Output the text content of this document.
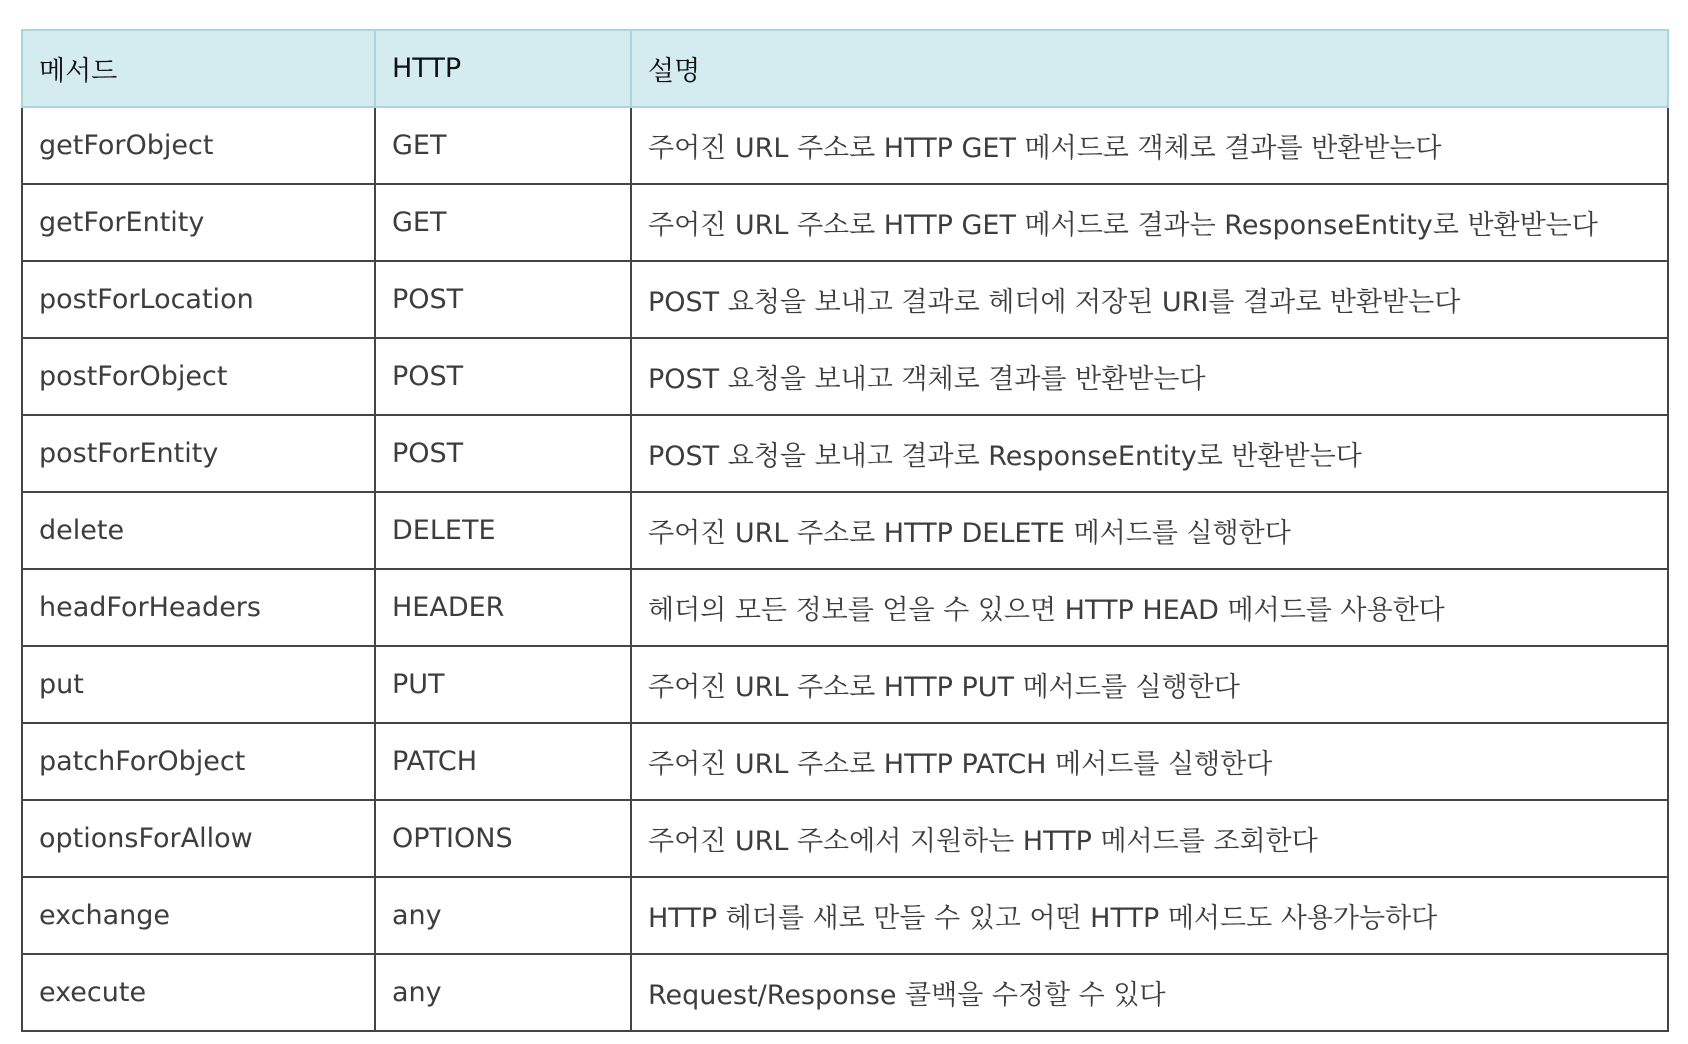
메서드	HTTP	설명
getForObject	GET	주어진 URL 주소로 HTTP GET 메서드로 객체로 결과를 반환받는다
getForEntity	GET	주어진 URL 주소로 HTTP GET 메서드로 결과는 ResponseEntity로 반환받는다
postForLocation	POST	POST 요청을 보내고 결과로 헤더에 저장된 URI를 결과로 반환받는다
postForObject	POST	POST 요청을 보내고 객체로 결과를 반환받는다
postForEntity	POST	POST 요청을 보내고 결과로 ResponseEntity로 반환받는다
delete	DELETE	주어진 URL 주소로 HTTP DELETE 메서드를 실행한다
headForHeaders	HEADER	헤더의 모든 정보를 얻을 수 있으면 HTTP HEAD 메서드를 사용한다
put	PUT	주어진 URL 주소로 HTTP PUT 메서드를 실행한다
patchForObject	PATCH	주어진 URL 주소로 HTTP PATCH 메서드를 실행한다
optionsForAllow	OPTIONS	주어진 URL 주소에서 지원하는 HTTP 메서드를 조회한다
exchange	any	HTTP 헤더를 새로 만들 수 있고 어떤 HTTP 메서드도 사용가능하다
execute	any	Request/Response 콜백을 수정할 수 있다
